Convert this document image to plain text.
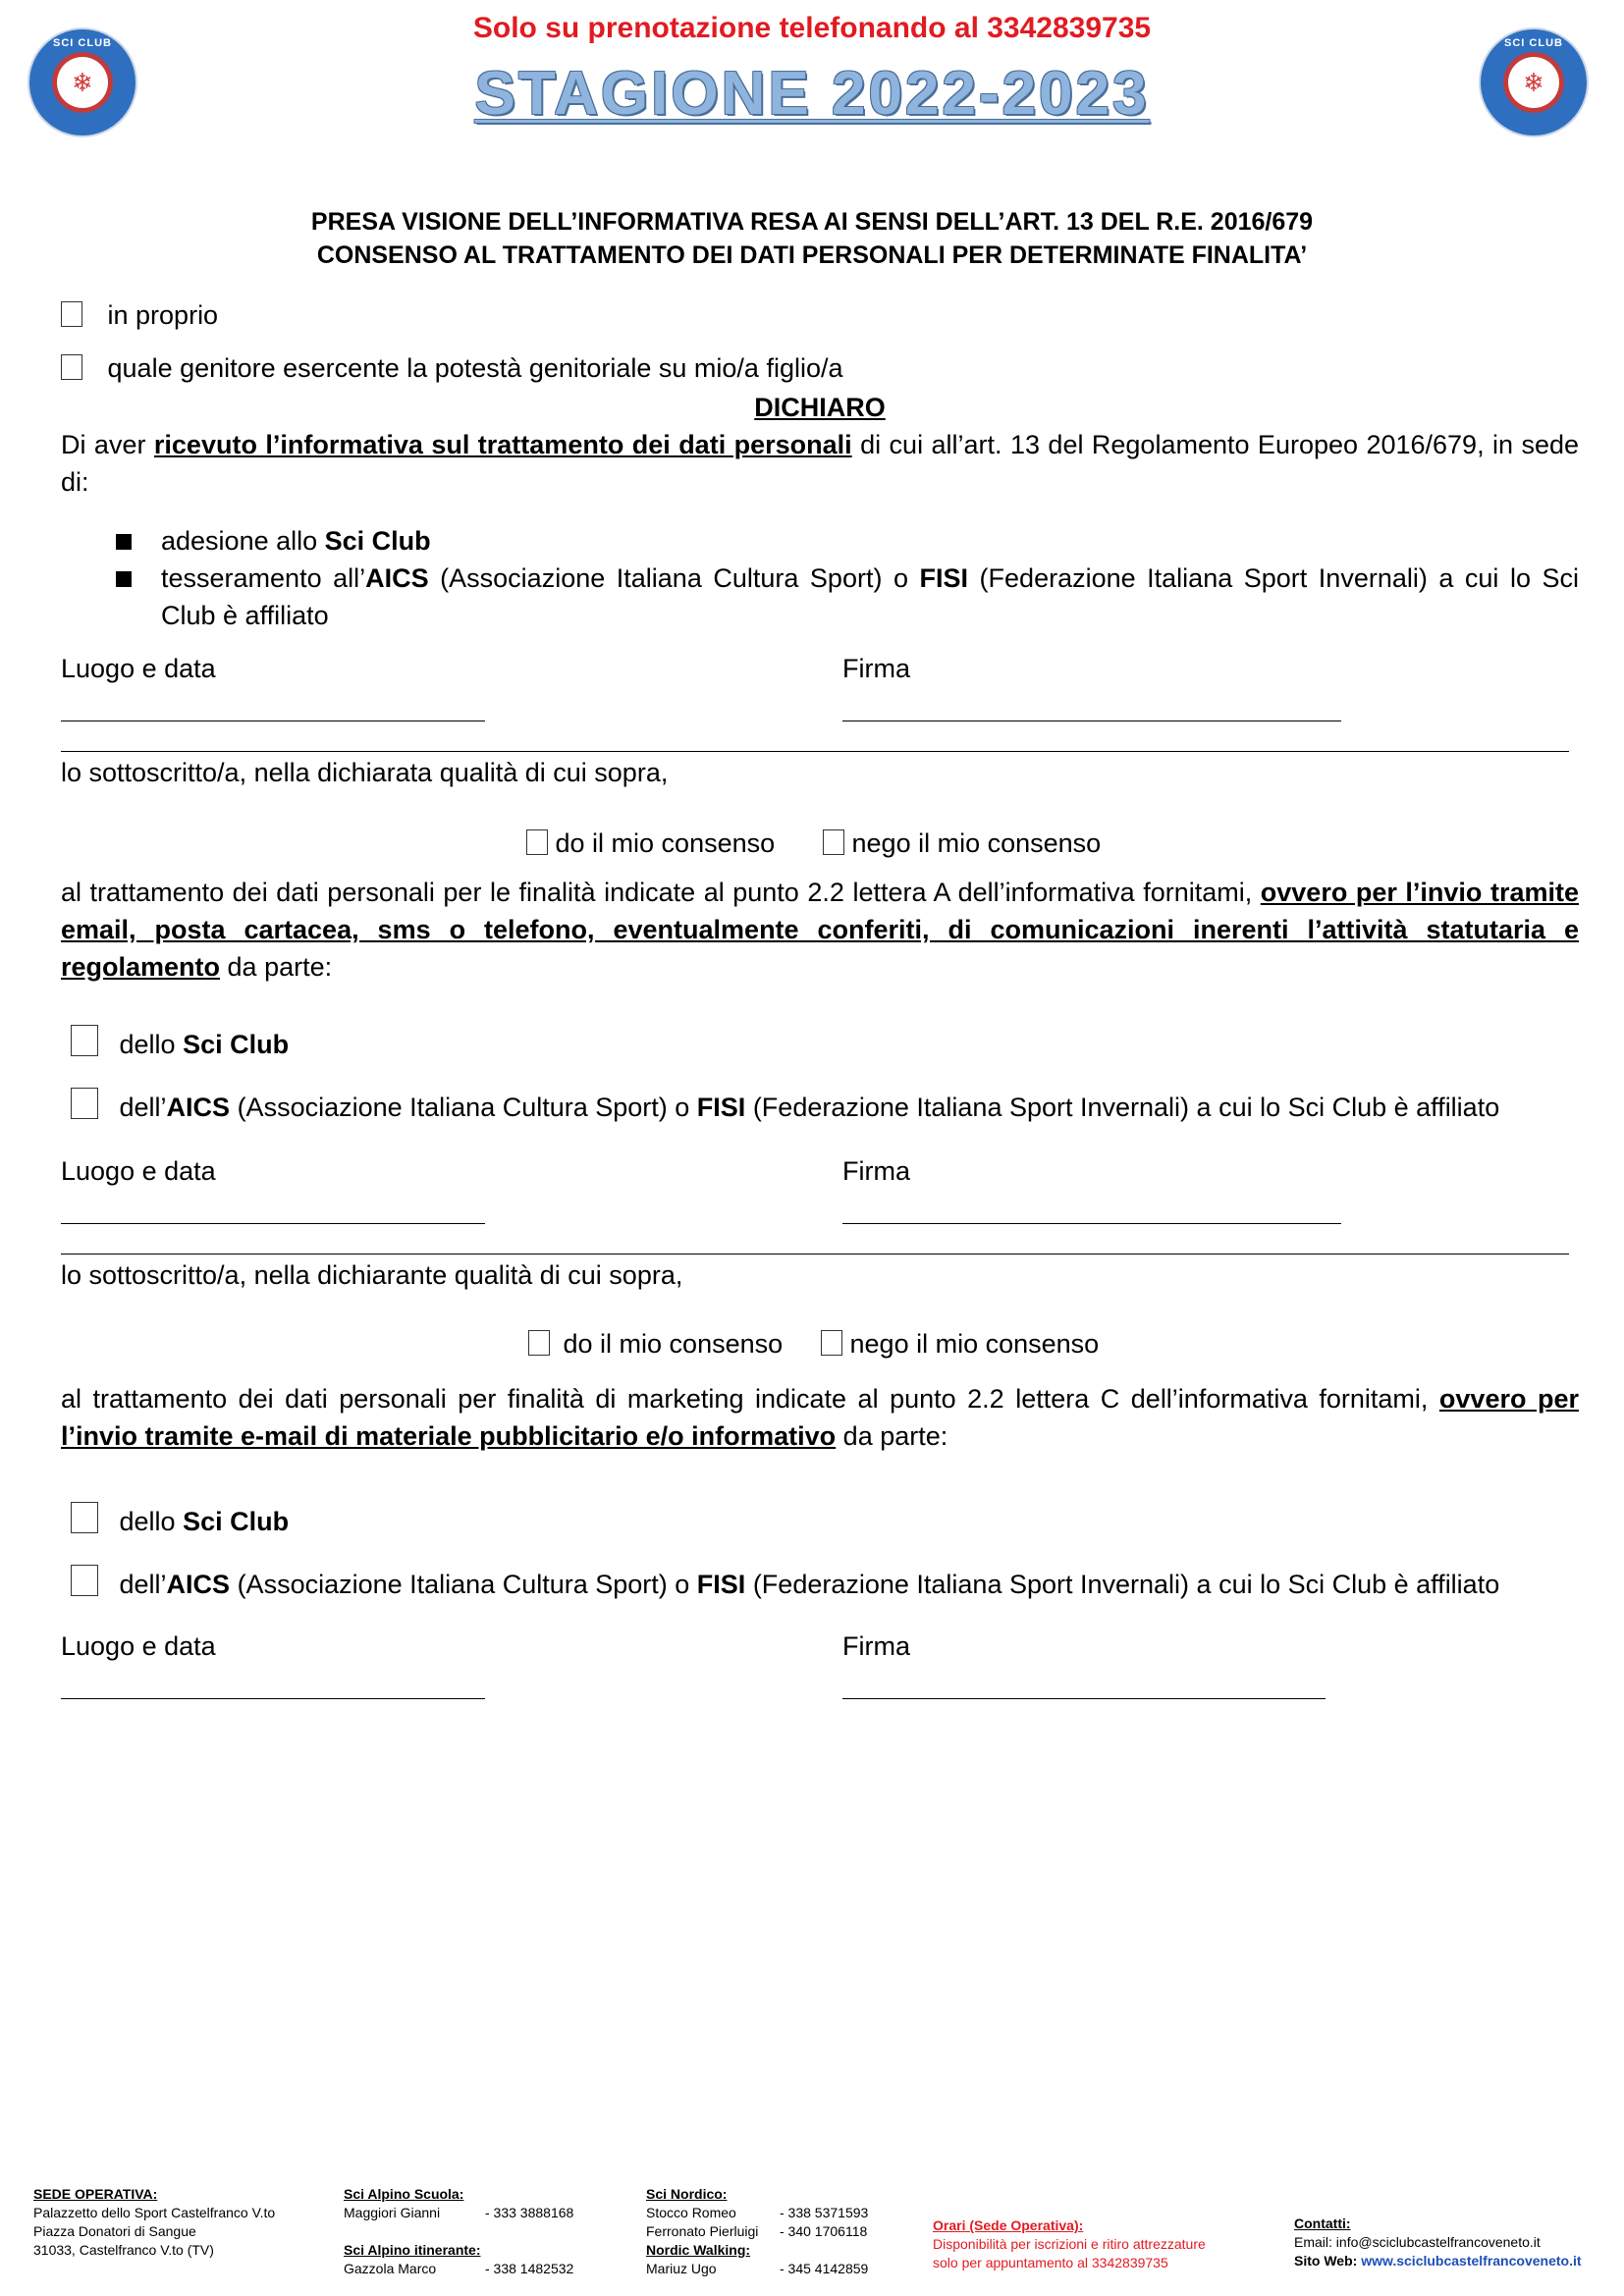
SCI CLUB
❄
SCI CLUB
❄
Solo su prenotazione telefonando al 3342839735
STAGIONE 2022-2023
PRESA VISIONE DELL’INFORMATIVA RESA AI SENSI DELL’ART. 13 DEL R.E. 2016/679
CONSENSO AL TRATTAMENTO DEI DATI PERSONALI PER DETERMINATE FINALITA’
in proprio
quale genitore esercente la potestà genitoriale su mio/a figlio/a
DICHIARO
Di aver ricevuto l’informativa sul trattamento dei dati personali di cui all’art. 13 del Regolamento Europeo 2016/679, in sede di:
adesione allo Sci Club
tesseramento all’AICS (Associazione Italiana Cultura Sport) o FISI (Federazione Italiana Sport Invernali) a cui lo Sci Club è affiliato
Luogo e data	Firma
lo sottoscritto/a, nella dichiarata qualità di cui sopra,
do il mio consenso	nego il mio consenso
al trattamento dei dati personali per le finalità indicate al punto 2.2 lettera A dell’informativa fornitami, ovvero per l’invio tramite email, posta cartacea, sms o telefono, eventualmente conferiti, di comunicazioni inerenti l’attività statutaria e regolamento da parte:
dello Sci Club
dell’AICS (Associazione Italiana Cultura Sport) o FISI (Federazione Italiana Sport Invernali) a cui lo Sci Club è affiliato
Luogo e data	Firma
lo sottoscritto/a, nella dichiarante qualità di cui sopra,
do il mio consenso	nego il mio consenso
al trattamento dei dati personali per finalità di marketing indicate al punto 2.2 lettera C dell’informativa fornitami, ovvero per l’invio tramite e-mail di materiale pubblicitario e/o informativo da parte:
dello Sci Club
dell’AICS (Associazione Italiana Cultura Sport) o FISI (Federazione Italiana Sport Invernali) a cui lo Sci Club è affiliato
Luogo e data	Firma
SEDE OPERATIVA:
Palazzetto dello Sport Castelfranco V.to
Piazza Donatori di Sangue
31033, Castelfranco V.to (TV)
Sci Alpino Scuola:
Maggiori Gianni	- 333 3888168
Sci Alpino itinerante:
Gazzola Marco	- 338 1482532
Sci Nordico:
Stocco Romeo	- 338 5371593
Ferronato Pierluigi - 340 1706118
Nordic Walking:
Mariuz Ugo	- 345 4142859
Orari (Sede Operativa):
Disponibilità per iscrizioni e ritiro attrezzature
solo per appuntamento al 3342839735
Contatti:
Email: info@sciclubcastelfrancoveneto.it
Sito Web: www.sciclubcastelfrancoveneto.it
